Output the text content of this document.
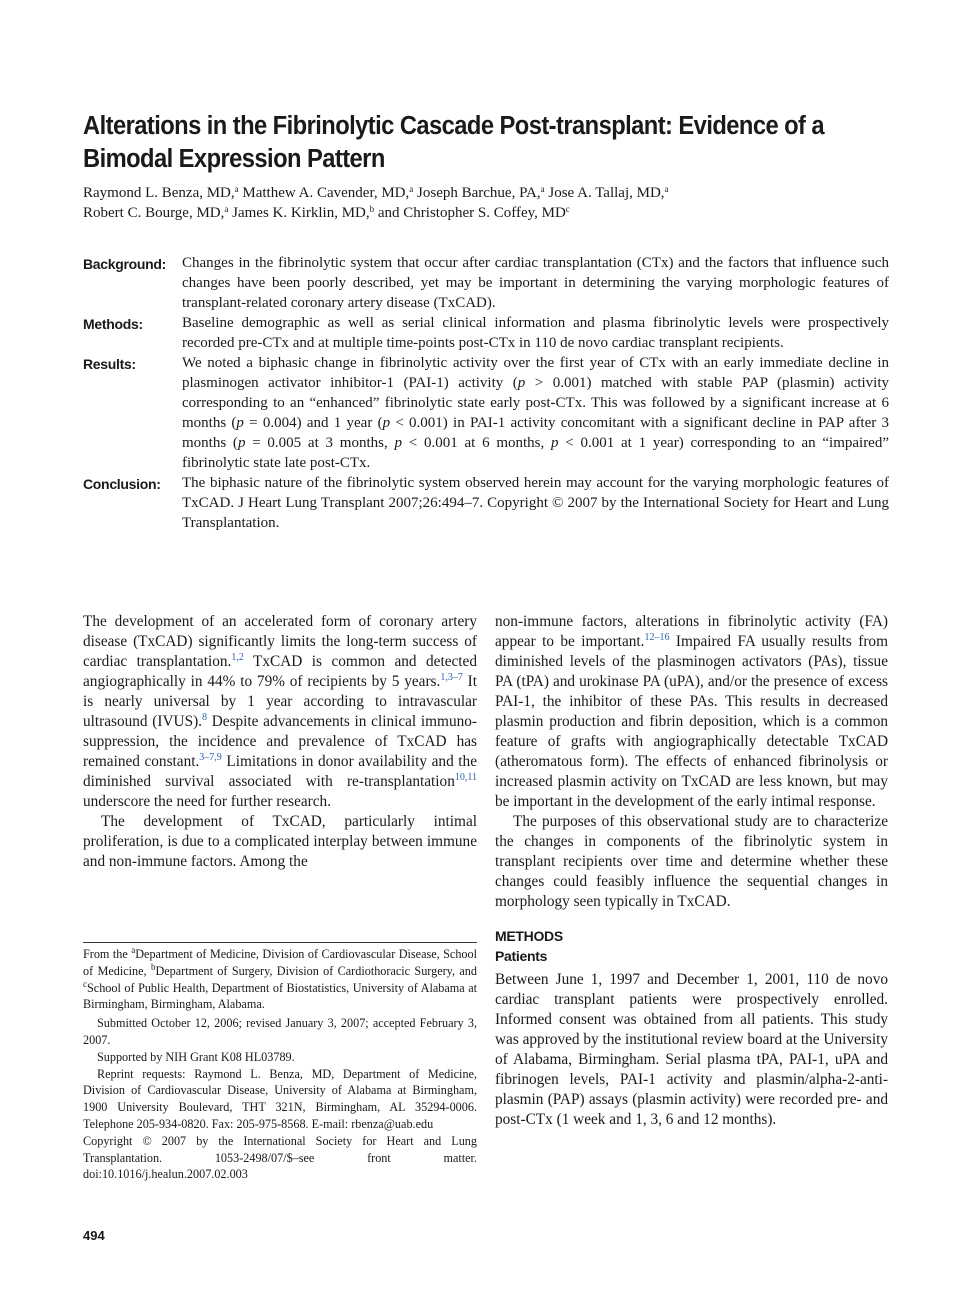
Alterations in the Fibrinolytic Cascade Post-transplant: Evidence of a Bimodal Expression Pattern
Raymond L. Benza, MD,$^a$ Matthew A. Cavender, MD,$^a$ Joseph Barchue, PA,$^a$ Jose A. Tallaj, MD,$^a$
Robert C. Bourge, MD,$^a$ James K. Kirklin, MD,$^b$ and Christopher S. Coffey, $MD^c$
Background:	Changes in the fibrinolytic system that occur after cardiac transplantation (CTx) and the factors that influence such changes have been poorly described, yet may be important in determining the varying morphologic features of transplant-related coronary artery disease (TxCAD).
Methods:	Baseline demographic as well as serial clinical information and plasma fibrinolytic levels were prospectively recorded pre-CTx and at multiple time-points post-CTx in 110 de novo cardiac transplant recipients.
Results:	We noted a biphasic change in fibrinolytic activity over the first year of CTx with an early immediate decline in plasminogen activator inhibitor-1 (PAI-1) activity (p > 0.001) matched with stable PAP (plasmin) activity corresponding to an “enhanced” fibrinolytic state early post-CTx. This was followed by a significant increase at 6 months (p = 0.004) and 1 year (p < 0.001) in PAI-1 activity concomitant with a significant decline in PAP after 3 months (p = 0.005 at 3 months, p < 0.001 at 6 months, p < 0.001 at 1 year) corresponding to an “impaired” fibrinolytic state late post-CTx.
Conclusion:	The biphasic nature of the fibrinolytic system observed herein may account for the varying morphologic features of TxCAD. J Heart Lung Transplant 2007;26:494–7. Copyright © 2007 by the International Society for Heart and Lung Transplantation.

The development of an accelerated form of coronary artery disease (TxCAD) significantly limits the long-term success of cardiac transplantation.$^{1,2}$ TxCAD is common and detected angiographically in 44% to 79% of recipients by 5 years.$^{1,3-7}$ It is nearly universal by 1 year according to intravascular ultrasound (IVUS).$^8$ Despite advancements in clinical immuno-suppression, the incidence and prevalence of TxCAD has remained constant.$^{3-7,9}$ Limitations in donor availability and the diminished survival associated with re-transplantation$^{10,11}$ underscore the need for further research.

The development of TxCAD, particularly intimal proliferation, is due to a complicated interplay between immune and non-immune factors. Among the

From the $^a$Department of Medicine, Division of Cardiovascular Disease, School of Medicine, $^b$Department of Surgery, Division of Cardiothoracic Surgery, and $^c$School of Public Health, Department of Biostatistics, University of Alabama at Birmingham, Birmingham, Alabama.

Submitted October 12, 2006; revised January 3, 2007; accepted February 3, 2007.

Supported by NIH Grant K08 HL03789.

Reprint requests: Raymond L. Benza, MD, Department of Medicine, Division of Cardiovascular Disease, University of Alabama at Birmingham, 1900 University Boulevard, THT 321N, Birmingham, AL 35294-0006. Telephone 205-934-0820. Fax: 205-975-8568. E-mail: rbenza@uab.edu

Copyright © 2007 by the International Society for Heart and Lung Transplantation. 1053-2498/07/$–see front matter. doi:10.1016/j.healun.2007.02.003

non-immune factors, alterations in fibrinolytic activity (FA) appear to be important.$^{12-16}$ Impaired FA usually results from diminished levels of the plasminogen activators (PAs), tissue PA (tPA) and urokinase PA (uPA), and/or the presence of excess PAI-1, the inhibitor of these PAs. This results in decreased plasmin production and fibrin deposition, which is a common feature of grafts with angiographically detectable TxCAD (atheromatous form). The effects of enhanced fibrinolysis or increased plasmin activity on TxCAD are less known, but may be important in the development of the early intimal response.

The purposes of this observational study are to characterize the changes in components of the fibrinolytic system in transplant recipients over time and determine whether these changes could feasibly influence the sequential changes in morphology seen typically in TxCAD.

METHODS
Patients

Between June 1, 1997 and December 1, 2001, 110 de novo cardiac transplant patients were prospectively enrolled. Informed consent was obtained from all patients. This study was approved by the institutional review board at the University of Alabama, Birmingham. Serial plasma tPA, PAI-1, uPA and fibrinogen levels, PAI-1 activity and plasmin/alpha-2-anti-plasmin (PAP) assays (plasmin activity) were recorded pre- and post-CTx (1 week and 1, 3, 6 and 12 months).

494
